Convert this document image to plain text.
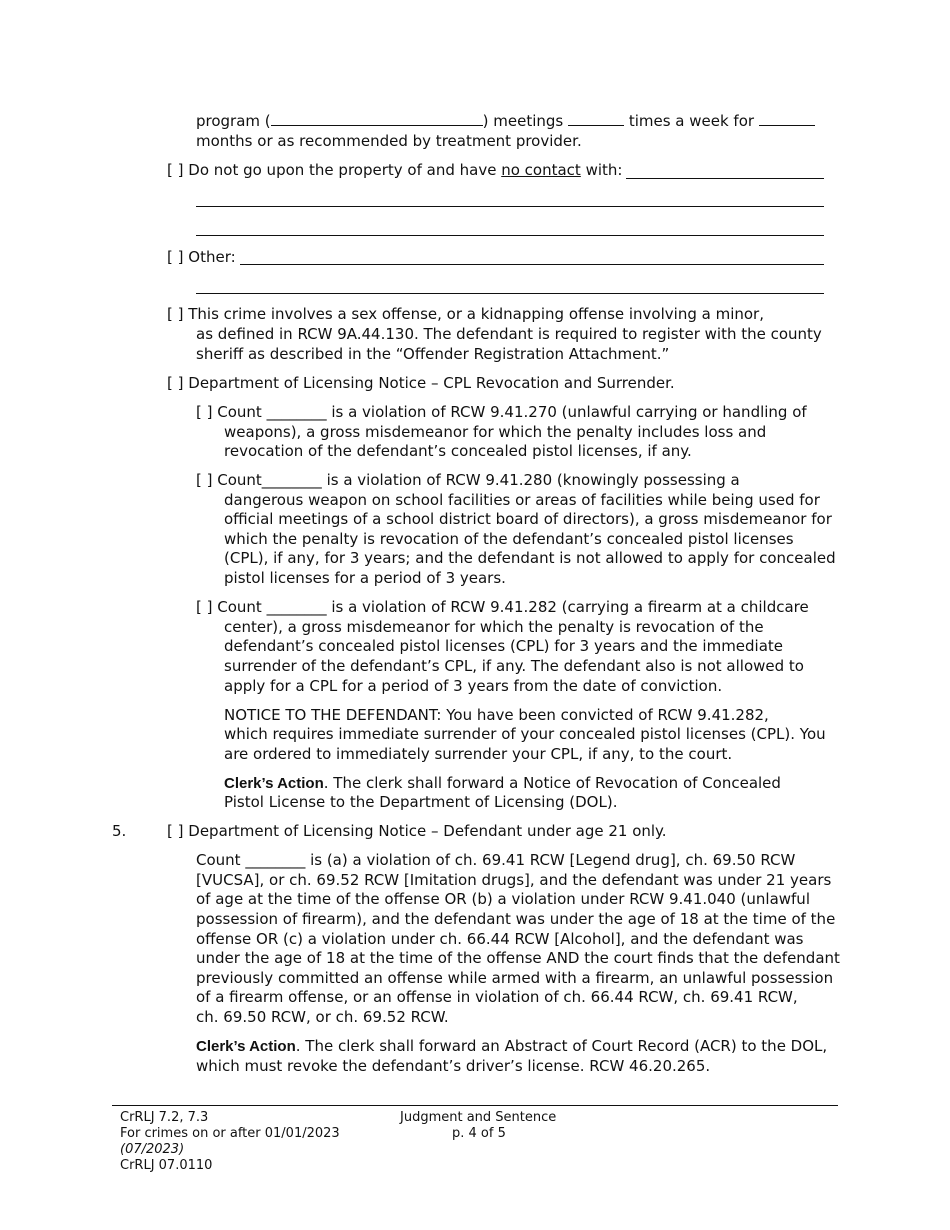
program (	) meetings	times a week for
months or as recommended by treatment provider.
[ ] Do not go upon the property of and have no contact with:
[ ] Other:
[ ] This crime involves a sex offense, or a kidnapping offense involving a minor,
as defined in RCW 9A.44.130. The defendant is required to register with the county
sheriff as described in the “Offender Registration Attachment.”
[ ] Department of Licensing Notice – CPL Revocation and Surrender.
[ ] Count ________ is a violation of RCW 9.41.270 (unlawful carrying or handling of
weapons), a gross misdemeanor for which the penalty includes loss and
revocation of the defendant’s concealed pistol licenses, if any.
[ ] Count________ is a violation of RCW 9.41.280 (knowingly possessing a
dangerous weapon on school facilities or areas of facilities while being used for
official meetings of a school district board of directors), a gross misdemeanor for
which the penalty is revocation of the defendant’s concealed pistol licenses
(CPL), if any, for 3 years; and the defendant is not allowed to apply for concealed
pistol licenses for a period of 3 years.
[ ] Count ________ is a violation of RCW 9.41.282 (carrying a firearm at a childcare
center), a gross misdemeanor for which the penalty is revocation of the
defendant’s concealed pistol licenses (CPL) for 3 years and the immediate
surrender of the defendant’s CPL, if any. The defendant also is not allowed to
apply for a CPL for a period of 3 years from the date of conviction.
NOTICE TO THE DEFENDANT: You have been convicted of RCW 9.41.282,
which requires immediate surrender of your concealed pistol licenses (CPL). You
are ordered to immediately surrender your CPL, if any, to the court.
Clerk’s Action. The clerk shall forward a Notice of Revocation of Concealed
Pistol License to the Department of Licensing (DOL).
5.	[ ] Department of Licensing Notice – Defendant under age 21 only.
Count ________ is (a) a violation of ch. 69.41 RCW [Legend drug], ch. 69.50 RCW
[VUCSA], or ch. 69.52 RCW [Imitation drugs], and the defendant was under 21 years
of age at the time of the offense OR (b) a violation under RCW 9.41.040 (unlawful
possession of firearm), and the defendant was under the age of 18 at the time of the
offense OR (c) a violation under ch. 66.44 RCW [Alcohol], and the defendant was
under the age of 18 at the time of the offense AND the court finds that the defendant
previously committed an offense while armed with a firearm, an unlawful possession
of a firearm offense, or an offense in violation of ch. 66.44 RCW, ch. 69.41 RCW,
ch. 69.50 RCW, or ch. 69.52 RCW.
Clerk’s Action. The clerk shall forward an Abstract of Court Record (ACR) to the DOL,
which must revoke the defendant’s driver’s license. RCW 46.20.265.
CrRLJ 7.2, 7.3
For crimes on or after 01/01/2023
(07/2023)
CrRLJ 07.0110
Judgment and Sentence
p. 4 of 5
